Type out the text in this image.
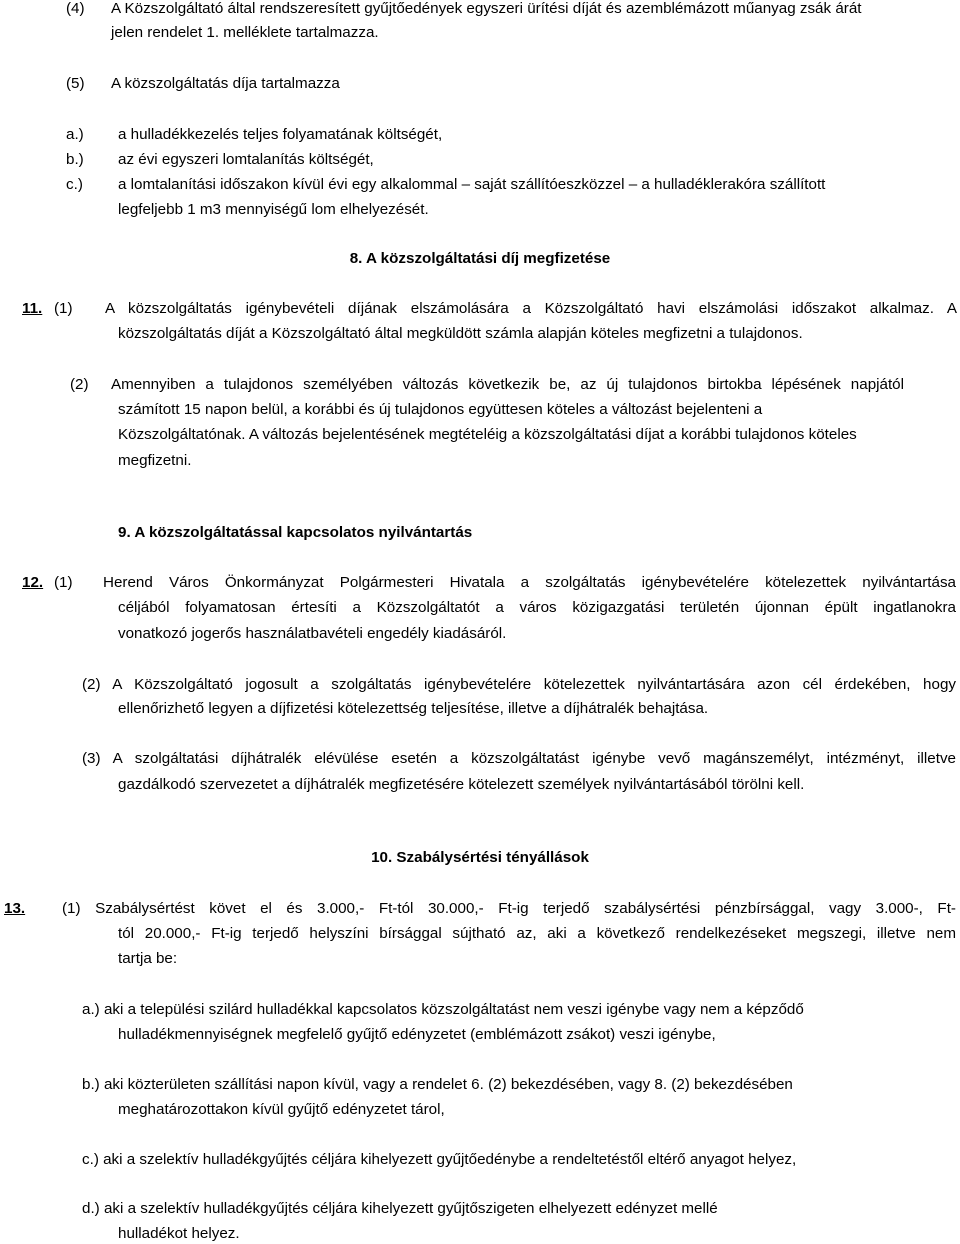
(4) A Közszolgáltató által rendszeresített gyűjtőedények egyszeri ürítési díját és azemblémázott műanyag zsák árát
jelen rendelet 1. melléklete tartalmazza.
(5) A közszolgáltatás díja tartalmazza
a.) a hulladékkezelés teljes folyamatának költségét,
b.) az évi egyszeri lomtalanítás költségét,
c.) a lomtalanítási időszakon kívül évi egy alkalommal – saját szállítóeszközzel – a hulladéklerakóra szállított
legfeljebb 1 m3 mennyiségű lom elhelyezését.
8. A közszolgáltatási díj megfizetése
11. (1) A közszolgáltatás igénybevételi díjának elszámolására a Közszolgáltató havi elszámolási időszakot alkalmaz. A
közszolgáltatás díját a Közszolgáltató által megküldött számla alapján köteles megfizetni a tulajdonos.
(2) Amennyiben a tulajdonos személyében változás következik be, az új tulajdonos birtokba lépésének napjától
számított 15 napon belül, a korábbi és új tulajdonos együttesen köteles a változást bejelenteni a
Közszolgáltatónak. A változás bejelentésének megtételéig a közszolgáltatási díjat a korábbi tulajdonos köteles
megfizetni.
9. A közszolgáltatással kapcsolatos nyilvántartás
12. (1) Herend Város Önkormányzat Polgármesteri Hivatala a szolgáltatás igénybevételére kötelezettek nyilvántartása
céljából folyamatosan értesíti a Közszolgáltatót a város közigazgatási területén újonnan épült ingatlanokra
vonatkozó jogerős használatbavételi engedély kiadásáról.
(2) A Közszolgáltató jogosult a szolgáltatás igénybevételére kötelezettek nyilvántartására azon cél érdekében, hogy
ellenőrizhető legyen a díjfizetési kötelezettség teljesítése, illetve a díjhátralék behajtása.
(3) A szolgáltatási díjhátralék elévülése esetén a közszolgáltatást igénybe vevő magánszemélyt, intézményt, illetve
gazdálkodó szervezetet a díjhátralék megfizetésére kötelezett személyek nyilvántartásából törölni kell.
10. Szabálysértési tényállások
13. (1) Szabálysértést követ el és 3.000,- Ft-tól 30.000,- Ft-ig terjedő szabálysértési pénzbírsággal, vagy 3.000-, Ft-
tól 20.000,- Ft-ig terjedő helyszíni bírsággal sújtható az, aki a következő rendelkezéseket megszegi, illetve nem
tartja be:
a.) aki a települési szilárd hulladékkal kapcsolatos közszolgáltatást nem veszi igénybe vagy nem a képződő
hulladékmennyiségnek megfelelő gyűjtő edényzetet (emblémázott zsákot) veszi igénybe,
b.) aki közterületen szállítási napon kívül, vagy a rendelet 6. (2) bekezdésében, vagy 8. (2) bekezdésében
meghatározottakon kívül gyűjtő edényzetet tárol,
c.) aki a szelektív hulladékgyűjtés céljára kihelyezett gyűjtőedénybe a rendeltetéstől eltérő anyagot helyez,
d.) aki a szelektív hulladékgyűjtés céljára kihelyezett gyűjtőszigeten elhelyezett edényzet mellé
hulladékot helyez.
